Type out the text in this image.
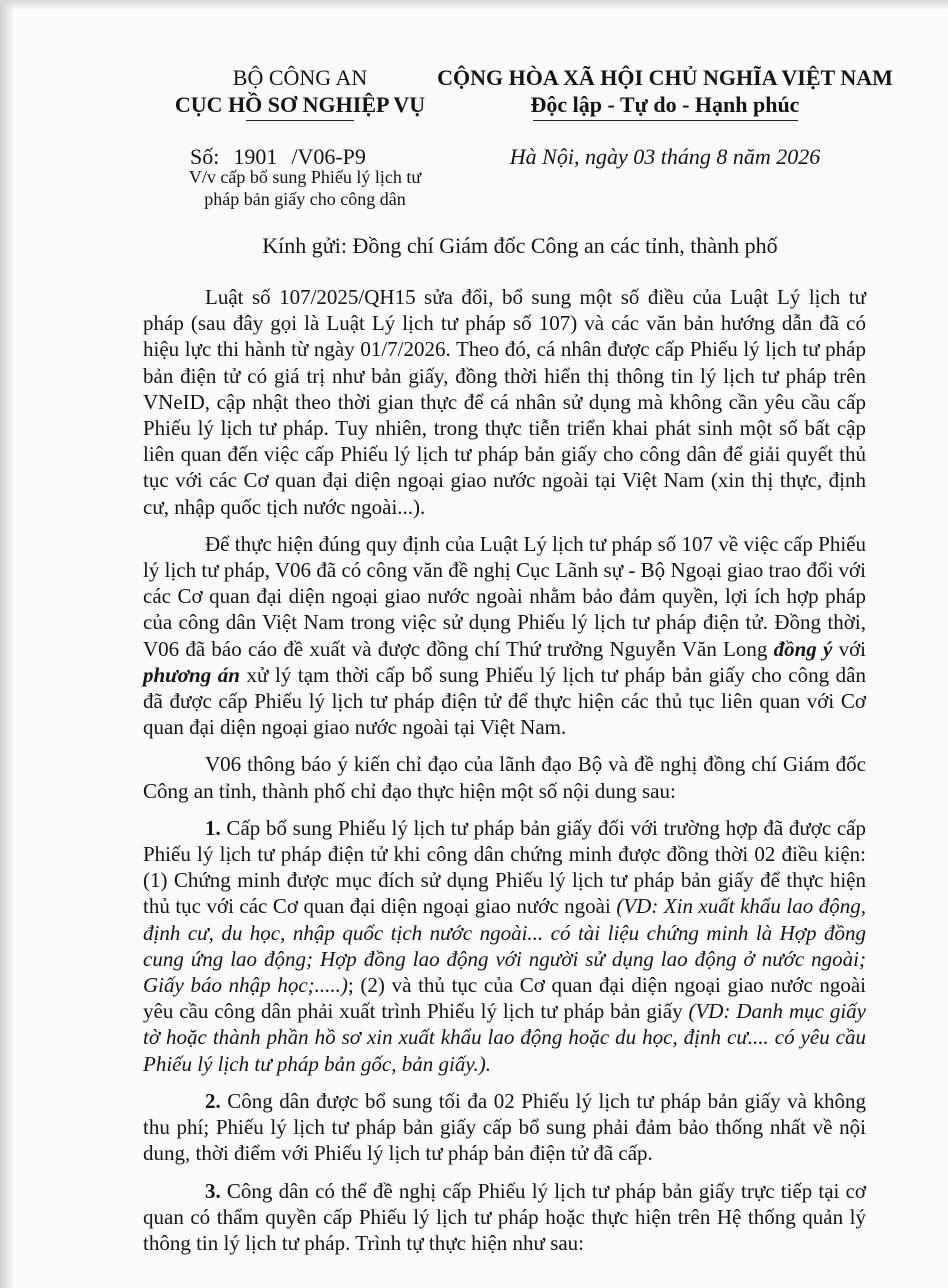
BỘ CÔNG AN
CỤC HỒ SƠ NGHIỆP VỤ
CỘNG HÒA XÃ HỘI CHỦ NGHĨA VIỆT NAM
Độc lập - Tự do - Hạnh phúc
Số: 1901 /V06-P9
V/v cấp bổ sung Phiếu lý lịch tư
pháp bản giấy cho công dân
Hà Nội, ngày 03 tháng 8 năm 2026
Kính gửi: Đồng chí Giám đốc Công an các tỉnh, thành phố

Luật số 107/2025/QH15 sửa đổi, bổ sung một số điều của Luật Lý lịch tư pháp (sau đây gọi là Luật Lý lịch tư pháp số 107) và các văn bản hướng dẫn đã có hiệu lực thi hành từ ngày 01/7/2026. Theo đó, cá nhân được cấp Phiếu lý lịch tư pháp bản điện tử có giá trị như bản giấy, đồng thời hiển thị thông tin lý lịch tư pháp trên VNeID, cập nhật theo thời gian thực để cá nhân sử dụng mà không cần yêu cầu cấp Phiếu lý lịch tư pháp. Tuy nhiên, trong thực tiễn triển khai phát sinh một số bất cập liên quan đến việc cấp Phiếu lý lịch tư pháp bản giấy cho công dân để giải quyết thủ tục với các Cơ quan đại diện ngoại giao nước ngoài tại Việt Nam (xin thị thực, định cư, nhập quốc tịch nước ngoài...).

Để thực hiện đúng quy định của Luật Lý lịch tư pháp số 107 về việc cấp Phiếu lý lịch tư pháp, V06 đã có công văn đề nghị Cục Lãnh sự - Bộ Ngoại giao trao đổi với các Cơ quan đại diện ngoại giao nước ngoài nhằm bảo đảm quyền, lợi ích hợp pháp của công dân Việt Nam trong việc sử dụng Phiếu lý lịch tư pháp điện tử. Đồng thời, V06 đã báo cáo đề xuất và được đồng chí Thứ trưởng Nguyễn Văn Long đồng ý với phương án xử lý tạm thời cấp bổ sung Phiếu lý lịch tư pháp bản giấy cho công dân đã được cấp Phiếu lý lịch tư pháp điện tử để thực hiện các thủ tục liên quan với Cơ quan đại diện ngoại giao nước ngoài tại Việt Nam.

V06 thông báo ý kiến chỉ đạo của lãnh đạo Bộ và đề nghị đồng chí Giám đốc Công an tỉnh, thành phố chỉ đạo thực hiện một số nội dung sau:

1. Cấp bổ sung Phiếu lý lịch tư pháp bản giấy đối với trường hợp đã được cấp Phiếu lý lịch tư pháp điện tử khi công dân chứng minh được đồng thời 02 điều kiện: (1) Chứng minh được mục đích sử dụng Phiếu lý lịch tư pháp bản giấy để thực hiện thủ tục với các Cơ quan đại diện ngoại giao nước ngoài (VD: Xin xuất khẩu lao động, định cư, du học, nhập quốc tịch nước ngoài... có tài liệu chứng minh là Hợp đồng cung ứng lao động; Hợp đồng lao động với người sử dụng lao động ở nước ngoài; Giấy báo nhập học;.....); (2) và thủ tục của Cơ quan đại diện ngoại giao nước ngoài yêu cầu công dân phải xuất trình Phiếu lý lịch tư pháp bản giấy (VD: Danh mục giấy tờ hoặc thành phần hồ sơ xin xuất khẩu lao động hoặc du học, định cư.... có yêu cầu Phiếu lý lịch tư pháp bản gốc, bản giấy.).

2. Công dân được bổ sung tối đa 02 Phiếu lý lịch tư pháp bản giấy và không thu phí; Phiếu lý lịch tư pháp bản giấy cấp bổ sung phải đảm bảo thống nhất về nội dung, thời điểm với Phiếu lý lịch tư pháp bản điện tử đã cấp.

3. Công dân có thể đề nghị cấp Phiếu lý lịch tư pháp bản giấy trực tiếp tại cơ quan có thẩm quyền cấp Phiếu lý lịch tư pháp hoặc thực hiện trên Hệ thống quản lý thông tin lý lịch tư pháp. Trình tự thực hiện như sau:
